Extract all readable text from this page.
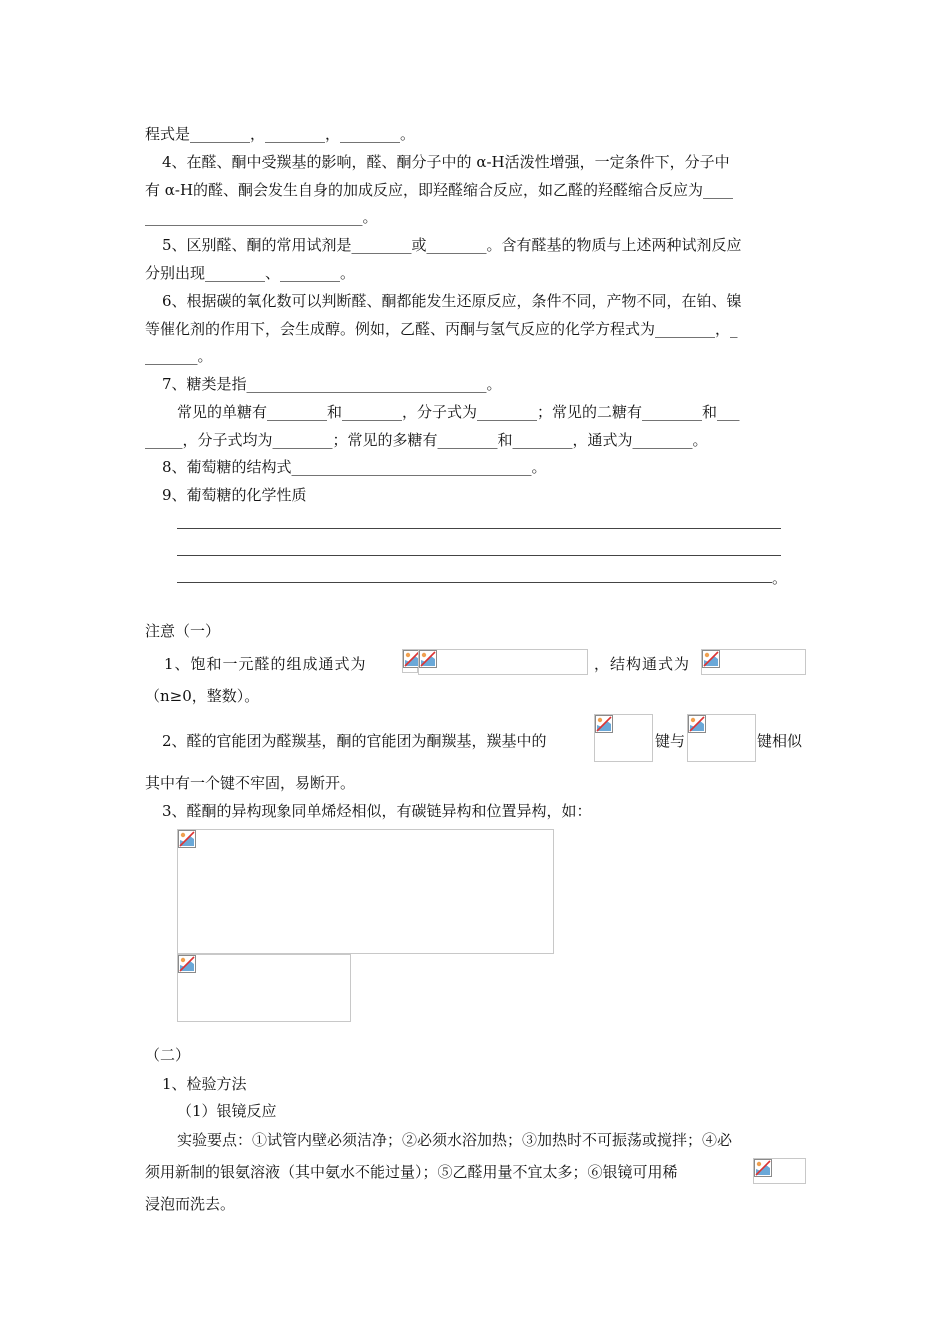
程式是________，________，________。
4、在醛、酮中受羰基的影响，醛、酮分子中的 α-H活泼性增强，一定条件下，分子中
有 α-H的醛、酮会发生自身的加成反应，即羟醛缩合反应，如乙醛的羟醛缩合反应为____
_____________________________。
5、区别醛、酮的常用试剂是________或________。含有醛基的物质与上述两种试剂反应
分别出现________、________。
6、根据碳的氧化数可以判断醛、酮都能发生还原反应，条件不同，产物不同，在铂、镍
等催化剂的作用下，会生成醇。例如，乙醛、丙酮与氢气反应的化学方程式为________，_
_______。
7、糖类是指________________________________。
常见的单糖有________和________，分子式为________；常见的二糖有________和___
_____，分子式均为________；常见的多糖有________和________，通式为________。
8、葡萄糖的结构式________________________________。
9、葡萄糖的化学性质
。
注意（一）
1、饱和一元醛的组成通式为	，结构通式为
（n≥0，整数）。
2、醛的官能团为醛羰基，酮的官能团为酮羰基，羰基中的	键与	键相似
其中有一个键不牢固，易断开。
3、醛酮的异构现象同单烯烃相似，有碳链异构和位置异构，如：
（二）
1、检验方法
（1）银镜反应
实验要点：①试管内壁必须洁净；②必须水浴加热；③加热时不可振荡或搅拌；④必
须用新制的银氨溶液（其中氨水不能过量）；⑤乙醛用量不宜太多；⑥银镜可用稀
浸泡而洗去。
